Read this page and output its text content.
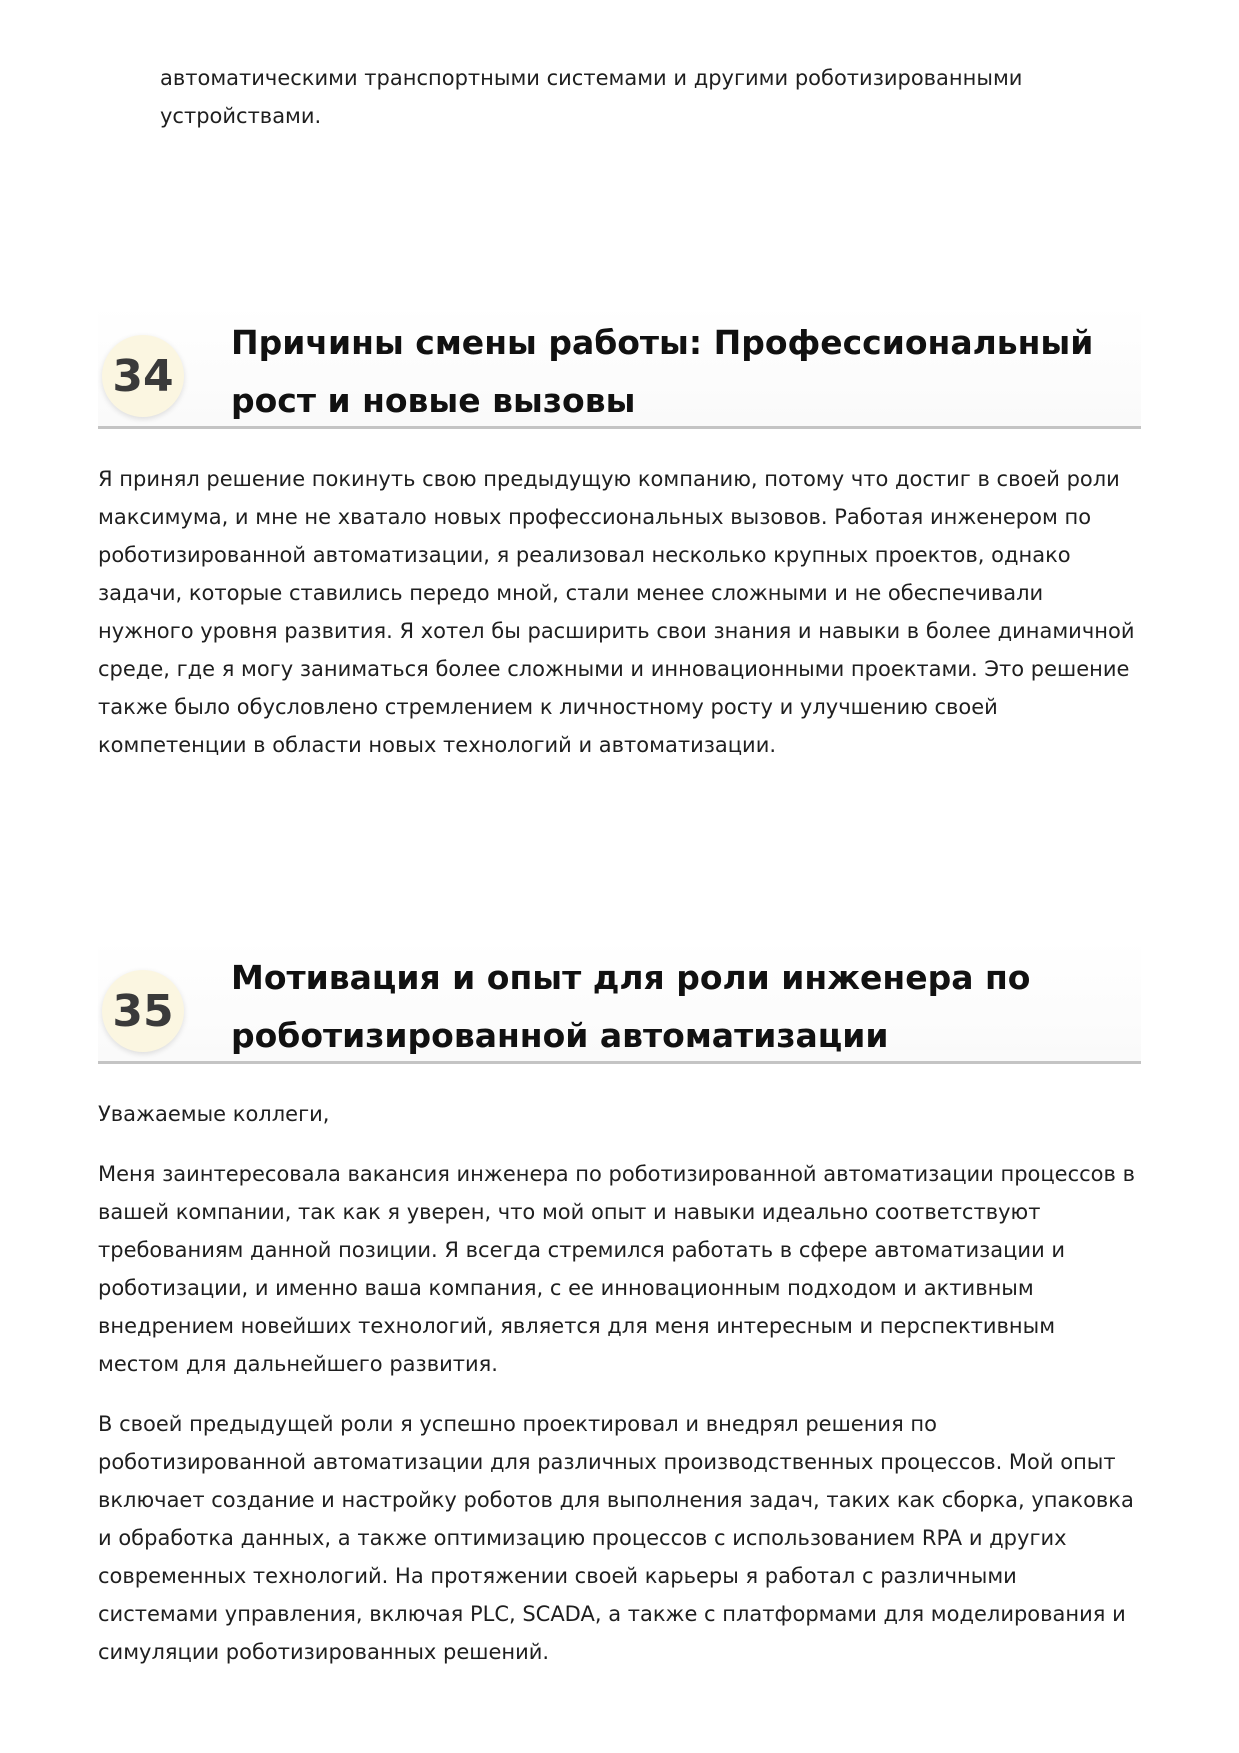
автоматическими транспортными системами и другими роботизированными устройствами.

34
Причины смены работы: Профессиональный рост и новые вызовы

Я принял решение покинуть свою предыдущую компанию, потому что достиг в своей роли максимума, и мне не хватало новых профессиональных вызовов. Работая инженером по роботизированной автоматизации, я реализовал несколько крупных проектов, однако задачи, которые ставились передо мной, стали менее сложными и не обеспечивали нужного уровня развития. Я хотел бы расширить свои знания и навыки в более динамичной среде, где я могу заниматься более сложными и инновационными проектами. Это решение также было обусловлено стремлением к личностному росту и улучшению своей компетенции в области новых технологий и автоматизации.

35
Мотивация и опыт для роли инженера по роботизированной автоматизации

Уважаемые коллеги,

Меня заинтересовала вакансия инженера по роботизированной автоматизации процессов в вашей компании, так как я уверен, что мой опыт и навыки идеально соответствуют требованиям данной позиции. Я всегда стремился работать в сфере автоматизации и роботизации, и именно ваша компания, с ее инновационным подходом и активным внедрением новейших технологий, является для меня интересным и перспективным местом для дальнейшего развития.

В своей предыдущей роли я успешно проектировал и внедрял решения по роботизированной автоматизации для различных производственных процессов. Мой опыт включает создание и настройку роботов для выполнения задач, таких как сборка, упаковка и обработка данных, а также оптимизацию процессов с использованием RPA и других современных технологий. На протяжении своей карьеры я работал с различными системами управления, включая PLC, SCADA, а также с платформами для моделирования и симуляции роботизированных решений.
